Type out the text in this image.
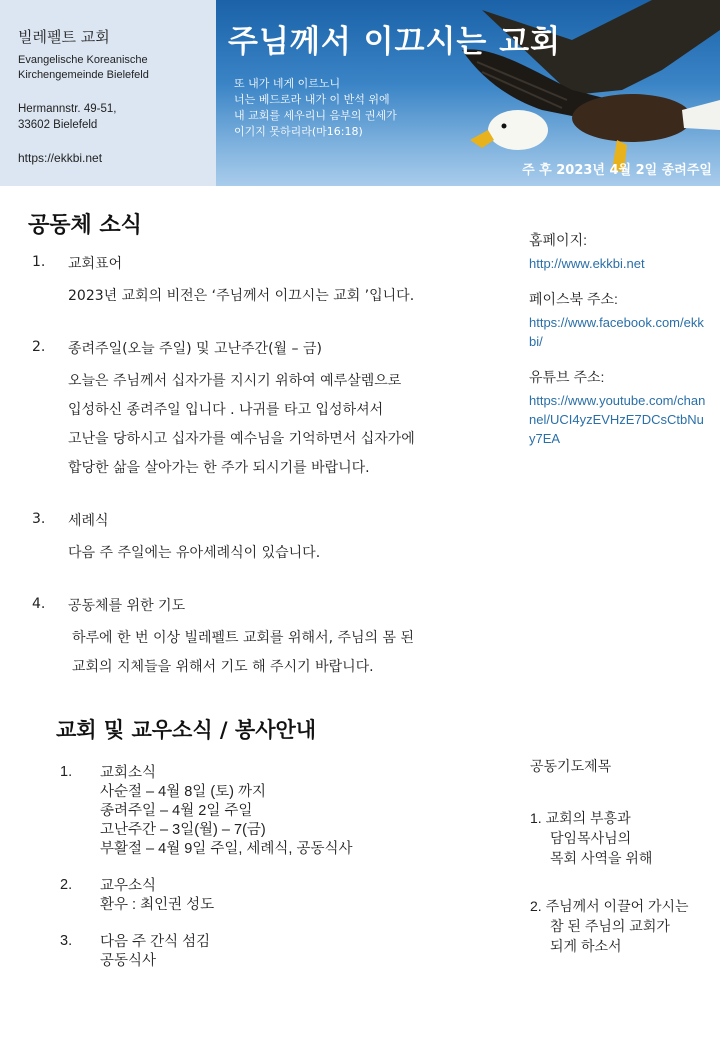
빌레펠트 교회
Evangelische Koreanische
Kirchengemeinde Bielefeld
Hermannstr. 49-51,
33602 Bielefeld
https://ekkbi.net
주님께서 이끄시는 교회
또 내가 네게 이르노니
너는 베드로라 내가 이 반석 위에
내 교회를 세우리니 음부의 권세가
이기지 못하리라(마16:18)
주 후 2023년 4월 2일 종려주일
공동체 소식
1. 교회표어
2023년 교회의 비전은 ‘주님께서 이끄시는 교회 ’입니다.
2. 종려주일(오늘 주일) 및 고난주간(월 – 금)
오늘은 주님께서 십자가를 지시기 위하여 예루살렘으로
입성하신 종려주일 입니다 . 나귀를 타고 입성하셔서
고난을 당하시고 십자가를 예수님을 기억하면서 십자가에
합당한 삶을 살아가는 한 주가 되시기를 바랍니다.
3. 세례식
다음 주 주일에는 유아세례식이 있습니다.
4. 공동체를 위한 기도
하루에 한 번 이상 빌레펠트 교회를 위해서, 주님의 몸 된
교회의 지체들을 위해서 기도 해 주시기 바랍니다.
홈페이지:
http://www.ekkbi.net
페이스북 주소:
https://www.facebook.com/ekkbi/
유튜브 주소:
https://www.youtube.com/channel/UCI4yzEVHzE7DCsCtbNuy7EA
교회 및 교우소식 / 봉사안내
1. 교회소식
사순절 – 4월 8일 (토) 까지
종려주일 – 4월 2일 주일
고난주간 – 3일(월) – 7(금)
부활절 – 4월 9일 주일, 세례식, 공동식사
2. 교우소식
환우 : 최인권 성도
3. 다음 주 간식 섬김
공동식사
공동기도제목
1. 교회의 부흥과
담임목사님의
목회 사역을 위해
2. 주님께서 이끌어 가시는
참 된 주님의 교회가
되게 하소서
